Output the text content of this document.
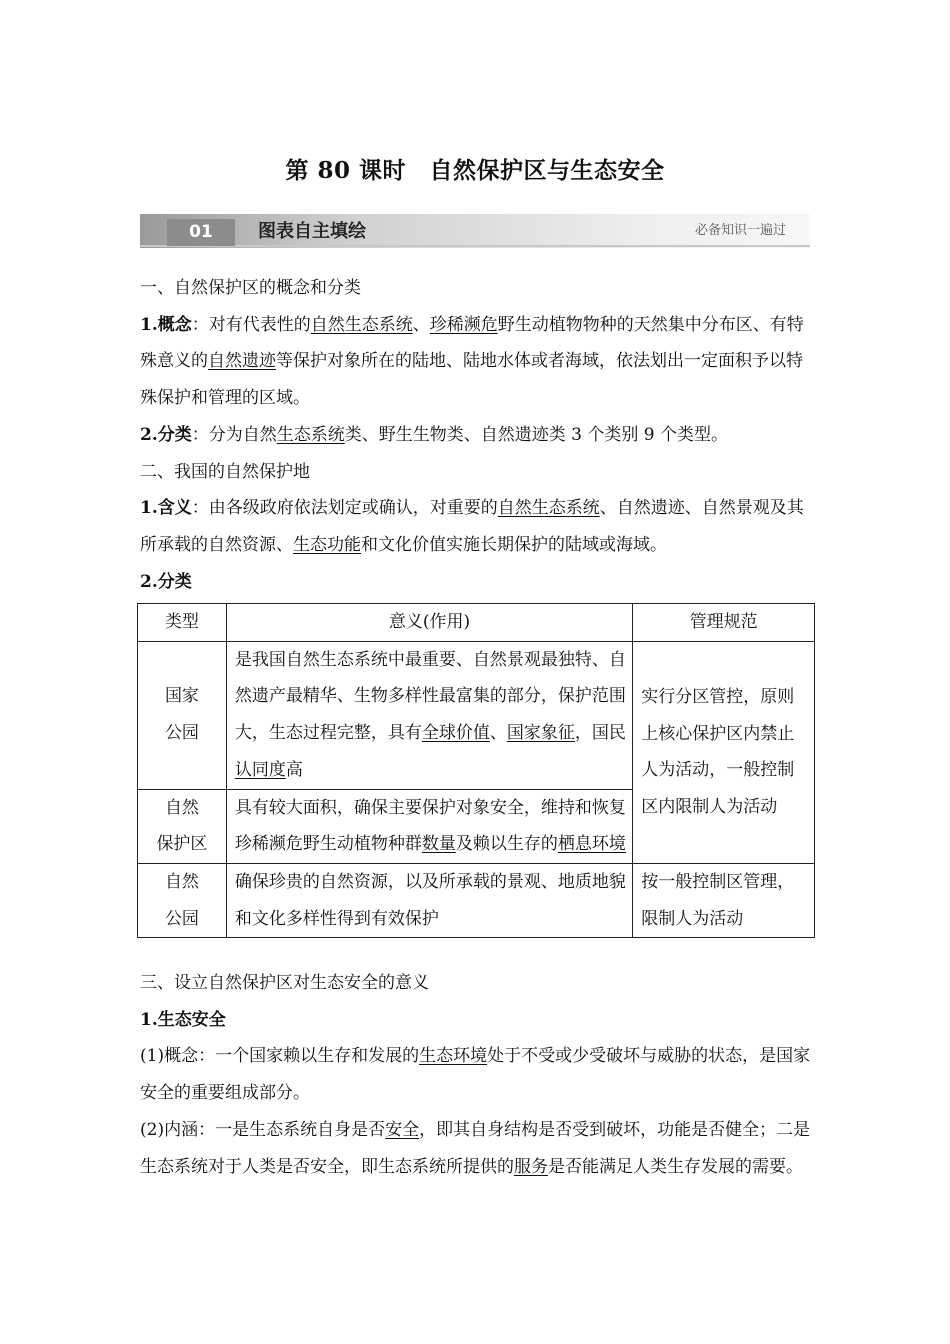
第 80 课时　自然保护区与生态安全
01	图表自主填绘	必备知识一遍过

一、自然保护区的概念和分类

1.概念：对有代表性的自然生态系统、珍稀濒危野生动植物物种的天然集中分布区、有特殊意义的自然遗迹等保护对象所在的陆地、陆地水体或者海域，依法划出一定面积予以特殊保护和管理的区域。

2.分类：分为自然生态系统类、野生生物类、自然遗迹类 3 个类别 9 个类型。

二、我国的自然保护地

1.含义：由各级政府依法划定或确认，对重要的自然生态系统、自然遗迹、自然景观及其所承载的自然资源、生态功能和文化价值实施长期保护的陆域或海域。

2.分类

类型	意义(作用)	管理规范
国家
公园	是我国自然生态系统中最重要、自然景观最独特、自然遗产最精华、生物多样性最富集的部分，保护范围大，生态过程完整，具有全球价值、国家象征，国民认同度高	实行分区管控，原则上核心保护区内禁止人为活动，一般控制区内限制人为活动
自然
保护区	具有较大面积，确保主要保护对象安全，维持和恢复珍稀濒危野生动植物种群数量及赖以生存的栖息环境	
自然
公园	确保珍贵的自然资源，以及所承载的景观、地质地貌和文化多样性得到有效保护	按一般控制区管理，限制人为活动

三、设立自然保护区对生态安全的意义

1.生态安全

(1)概念：一个国家赖以生存和发展的生态环境处于不受或少受破坏与威胁的状态，是国家安全的重要组成部分。

(2)内涵：一是生态系统自身是否安全，即其自身结构是否受到破坏，功能是否健全；二是生态系统对于人类是否安全，即生态系统所提供的服务是否能满足人类生存发展的需要。
